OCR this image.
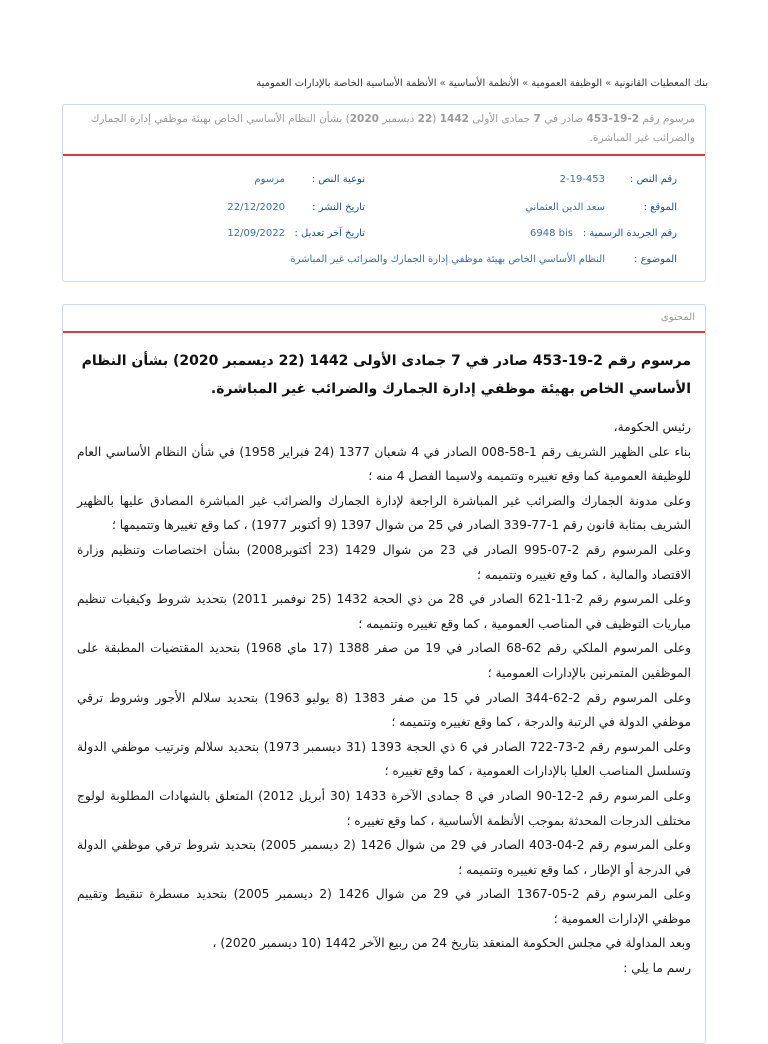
بنك المعطيات القانونية»الوظيفة العمومية»الأنظمة الأساسية»الأنظمة الأساسية الخاصة بالإدارات العمومية
مرسوم رقم 2-19-453 صادر في 7 جمادى الأولى 1442 (22 ديسمبر 2020) بشأن النظام الأساسي الخاص بهيئة موظفي إدارة الجمارك والضرائب غير المباشرة.
رقم النص :
2-19-453
نوعية النص :
مرسوم
الموقع :
سعد الدين العثماني
تاريخ النشر :
22/12/2020
رقم الجريدة الرسمية :
6948 bis
تاريخ آخر تعديل :
12/09/2022
الموضوع :
النظام الأساسي الخاص بهيئة موظفي إدارة الجمارك والضرائب غير المباشرة
المحتوى
مرسوم رقم 2-19-453 صادر في 7 جمادى الأولى 1442 (22 ديسمبر 2020) بشأن النظام الأساسي الخاص بهيئة موظفي إدارة الجمارك والضرائب غير المباشرة.

رئيس الحكومة،

بناء على الظهير الشريف رقم 1-58-008 الصادر في 4 شعبان 1377 (24 فبراير 1958) في شأن النظام الأساسي العام للوظيفة العمومية كما وقع تغييره وتتميمه ولاسيما الفصل 4 منه ؛

وعلى مدونة الجمارك والضرائب غير المباشرة الراجعة لإدارة الجمارك والضرائب غير المباشرة المصادق عليها بالظهير الشريف بمثابة قانون رقم 1-77-339 الصادر في 25 من شوال 1397 (9 أكتوبر 1977) ، كما وقع تغييرها وتتميمها ؛

وعلى المرسوم رقم 2-07-995 الصادر في 23 من شوال 1429 (23 أكتوبر2008) بشأن اختصاصات وتنظيم وزارة الاقتصاد والمالية ، كما وقع تغييره وتتميمه ؛

وعلى المرسوم رقم 2-11-621 الصادر في 28 من ذي الحجة 1432 (25 نوفمبر 2011) بتحديد شروط وكيفيات تنظيم مباريات التوظيف في المناصب العمومية ، كما وقع تغييره وتتميمه ؛

وعلى المرسوم الملكي رقم 62-68 الصادر في 19 من صفر 1388 (17 ماي 1968) بتحديد المقتضيات المطبقة على الموظفين المتمرنين بالإدارات العمومية ؛

وعلى المرسوم رقم 2-62-344 الصادر في 15 من صفر 1383 (8 يوليو 1963) بتحديد سلالم الأجور وشروط ترقي موظفي الدولة في الرتبة والدرجة ، كما وقع تغييره وتتميمه ؛

وعلى المرسوم رقم 2-73-722 الصادر في 6 ذي الحجة 1393 (31 ديسمبر 1973) بتحديد سلالم وترتيب موظفي الدولة وتسلسل المناصب العليا بالإدارات العمومية ، كما وقع تغييره ؛

وعلى المرسوم رقم 2-12-90 الصادر في 8 جمادى الآخرة 1433 (30 أبريل 2012) المتعلق بالشهادات المطلوبة لولوج مختلف الدرجات المحدثة بموجب الأنظمة الأساسية ، كما وقع تغييره ؛

وعلى المرسوم رقم 2-04-403 الصادر في 29 من شوال 1426 (2 ديسمبر 2005) بتحديد شروط ترقي موظفي الدولة في الدرجة أو الإطار ، كما وقع تغييره وتتميمه ؛

وعلى المرسوم رقم 2-05-1367 الصادر في 29 من شوال 1426 (2 ديسمبر 2005) بتحديد مسطرة تنقيط وتقييم موظفي الإدارات العمومية ؛

وبعد المداولة في مجلس الحكومة المنعقد بتاريخ 24 من ربيع الآخر 1442 (10 ديسمبر 2020) ،

رسم ما يلي :
